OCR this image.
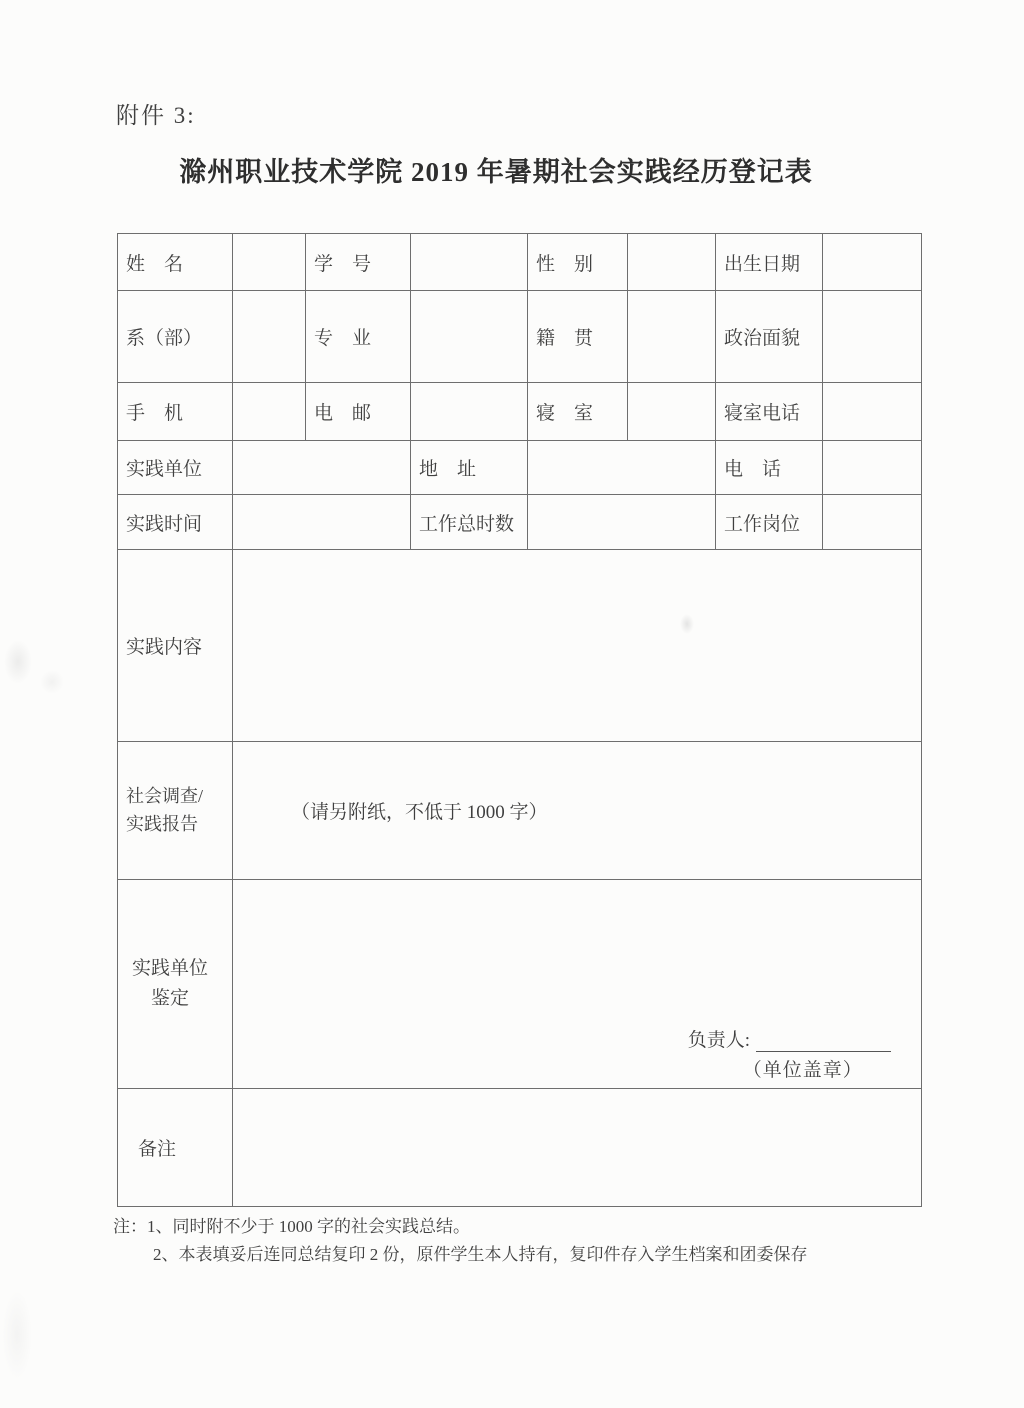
附件 3:
滁州职业技术学院 2019 年暑期社会实践经历登记表
姓　名	学　号	性　别	出生日期
系（部）	专　业	籍　贯	政治面貌
手　机	电　邮	寝　室	寝室电话
实践单位	地　址	电　话
实践时间	工作总时数	工作岗位
实践内容
社会调查/
实践报告
（请另附纸，不低于 1000 字）
实践单位
鉴定
负责人:
（单位盖章）
备注
注：1、同时附不少于 1000 字的社会实践总结。
2、本表填妥后连同总结复印 2 份，原件学生本人持有，复印件存入学生档案和团委保存
